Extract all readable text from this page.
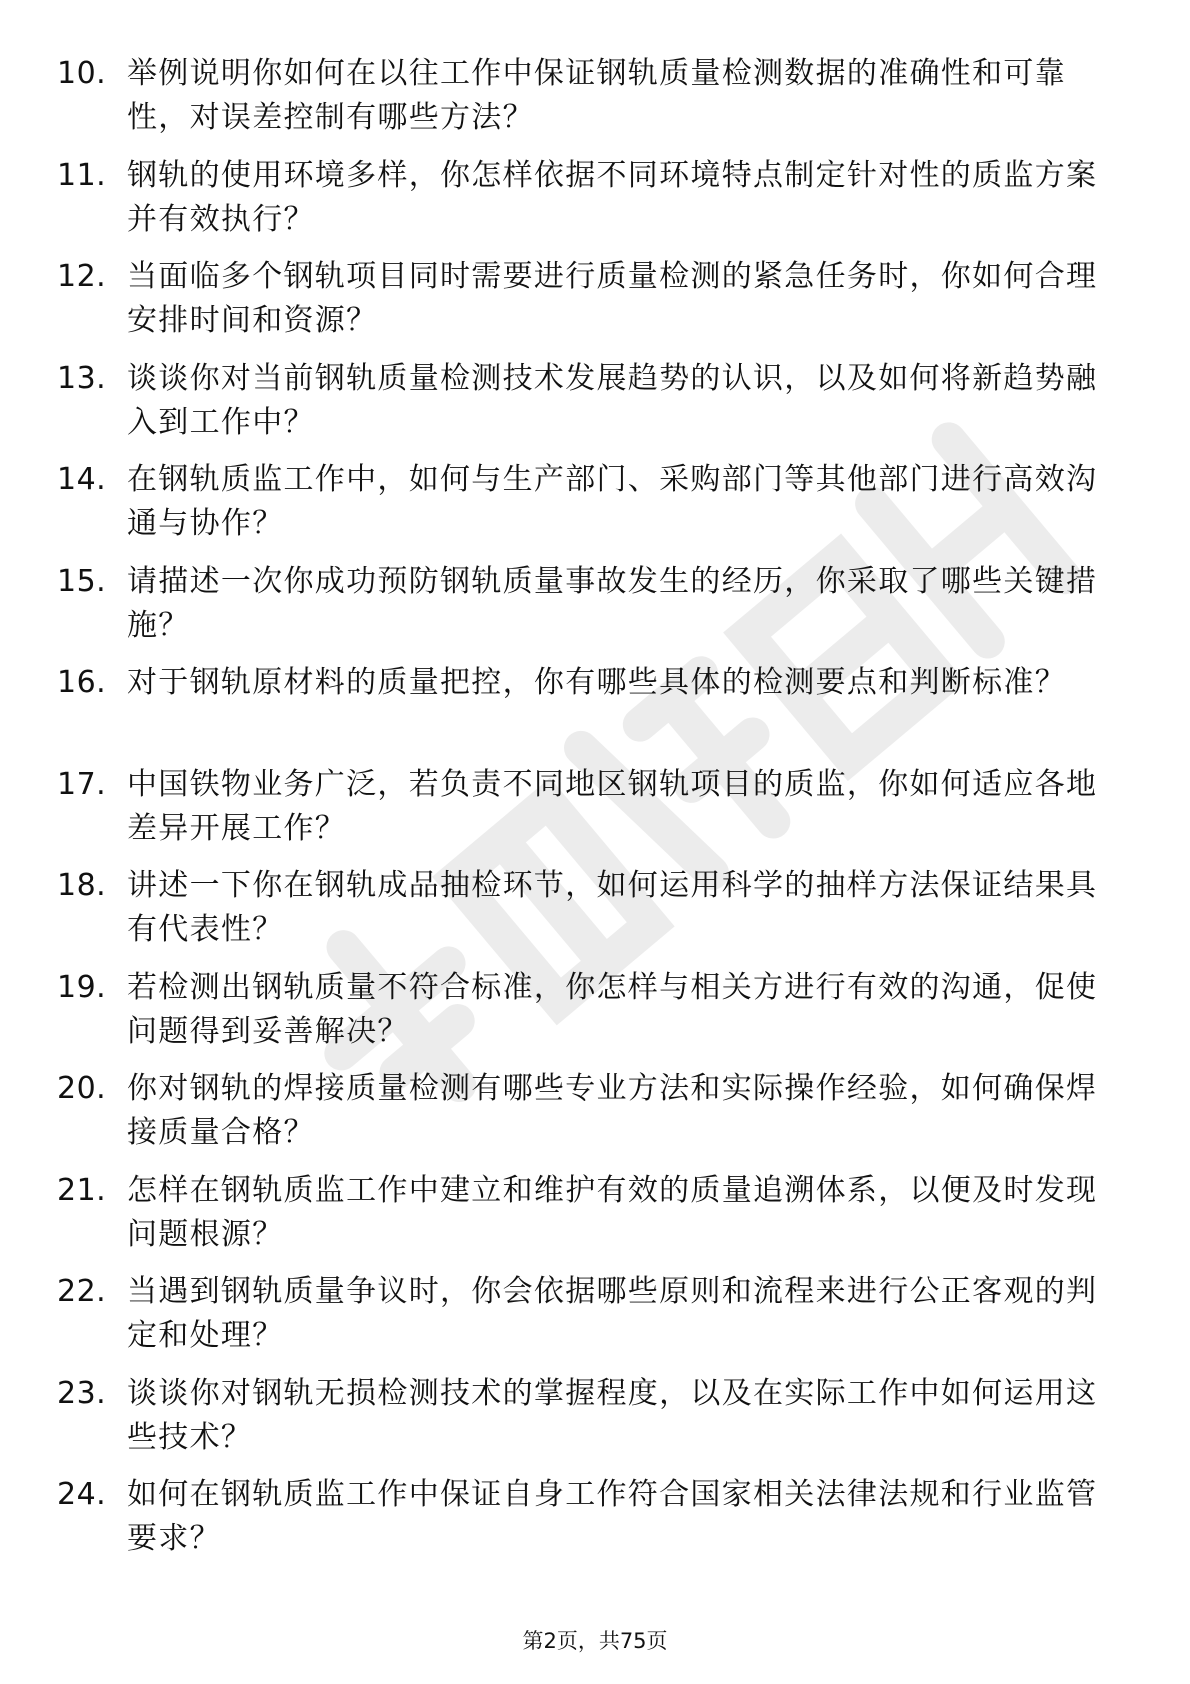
10. 举例说明你如何在以往工作中保证钢轨质量检测数据的准确性和可靠性，对误差控制有哪些方法？
11. 钢轨的使用环境多样，你怎样依据不同环境特点制定针对性的质监方案并有效执行？
12. 当面临多个钢轨项目同时需要进行质量检测的紧急任务时，你如何合理安排时间和资源？
13. 谈谈你对当前钢轨质量检测技术发展趋势的认识，以及如何将新趋势融入到工作中？
14. 在钢轨质监工作中，如何与生产部门、采购部门等其他部门进行高效沟通与协作？
15. 请描述一次你成功预防钢轨质量事故发生的经历，你采取了哪些关键措施？
16. 对于钢轨原材料的质量把控，你有哪些具体的检测要点和判断标准？
17. 中国铁物业务广泛，若负责不同地区钢轨项目的质监，你如何适应各地差异开展工作？
18. 讲述一下你在钢轨成品抽检环节，如何运用科学的抽样方法保证结果具有代表性？
19. 若检测出钢轨质量不符合标准，你怎样与相关方进行有效的沟通，促使问题得到妥善解决？
20. 你对钢轨的焊接质量检测有哪些专业方法和实际操作经验，如何确保焊接质量合格？
21. 怎样在钢轨质监工作中建立和维护有效的质量追溯体系，以便及时发现问题根源？
22. 当遇到钢轨质量争议时，你会依据哪些原则和流程来进行公正客观的判定和处理？
23. 谈谈你对钢轨无损检测技术的掌握程度，以及在实际工作中如何运用这些技术？
24. 如何在钢轨质监工作中保证自身工作符合国家相关法律法规和行业监管要求？
第2页，共75页
